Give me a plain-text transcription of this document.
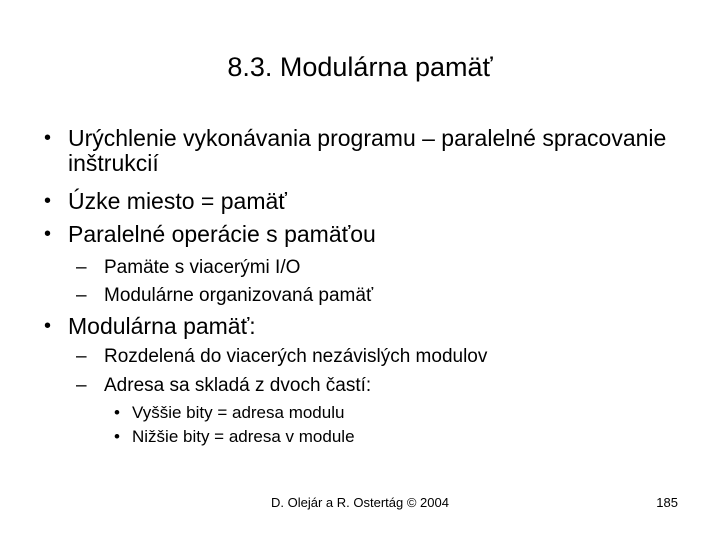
8.3. Modulárna pamäť
• Urýchlenie vykonávania programu – paralelné spracovanie inštrukcií
• Úzke miesto = pamäť
• Paralelné operácie s pamäťou
– Pamäte s viacerými I/O
– Modulárne organizovaná pamäť
• Modulárna pamäť:
– Rozdelená do viacerých nezávislých modulov
– Adresa sa skladá z dvoch častí:
• Vyššie bity = adresa modulu
• Nižšie bity = adresa v module
D. Olejár a R. Ostertág © 2004	185
